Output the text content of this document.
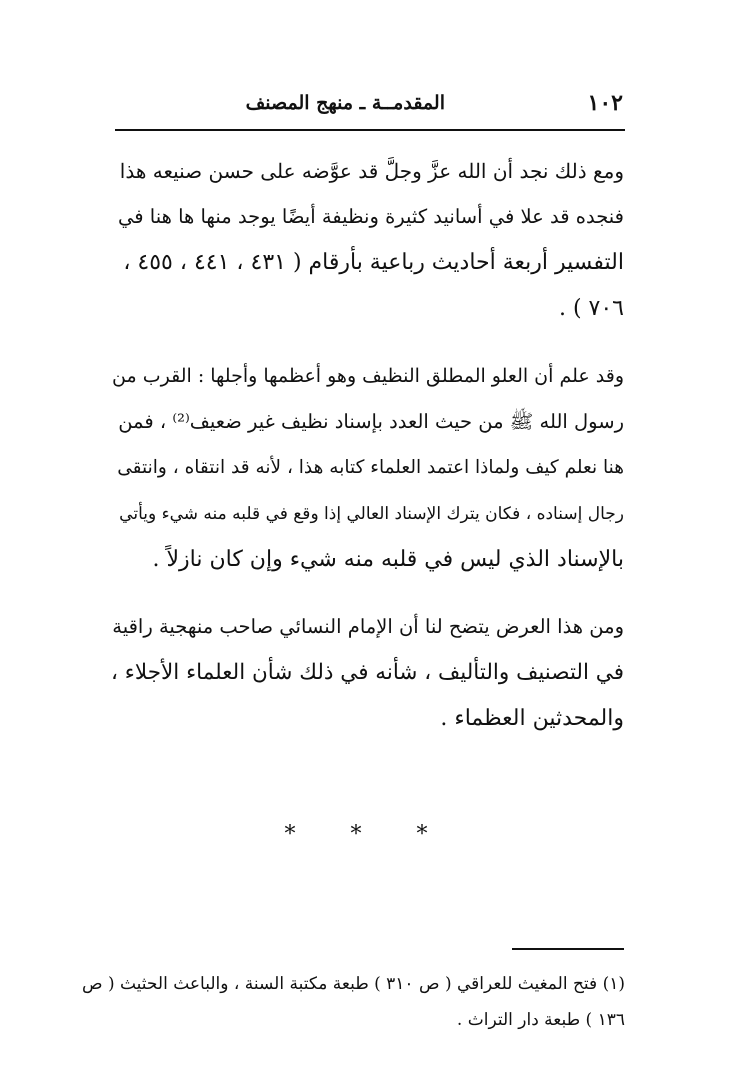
١٠٢
المقدمــة ـ منهج المصنف

ومع ذلك نجد أن الله عزَّ وجلَّ قد عوَّضه على حسن صنيعه هذا

فنجده قد علا في أسانيد كثيرة ونظيفة أيضًا يوجد منها ها هنا في

التفسير أربعة أحاديث رباعية بأرقام ( ٤٣١ ، ٤٤١ ، ٤٥٥ ،

٧٠٦ ) .

وقد علم أن العلو المطلق النظيف وهو أعظمها وأجلها : القرب من

رسول الله ﷺ من حيث العدد بإسناد نظيف غير ضعيف⁽²⁾ ، فمن

هنا نعلم كيف ولماذا اعتمد العلماء كتابه هذا ، لأنه قد انتقاه ، وانتقى

رجال إسناده ، فكان يترك الإسناد العالي إذا وقع في قلبه منه شيء ويأتي

بالإسناد الذي ليس في قلبه منه شيء وإن كان نازلاً .

ومن هذا العرض يتضح لنا أن الإمام النسائي صاحب منهجية راقية

في التصنيف والتأليف ، شأنه في ذلك شأن العلماء الأجلاء ،

والمحدثين العظماء .

* * *

(١) فتح المغيث للعراقي ( ص ٣١٠ ) طبعة مكتبة السنة ، والباعث الحثيث ( ص

١٣٦ ) طبعة دار التراث .
